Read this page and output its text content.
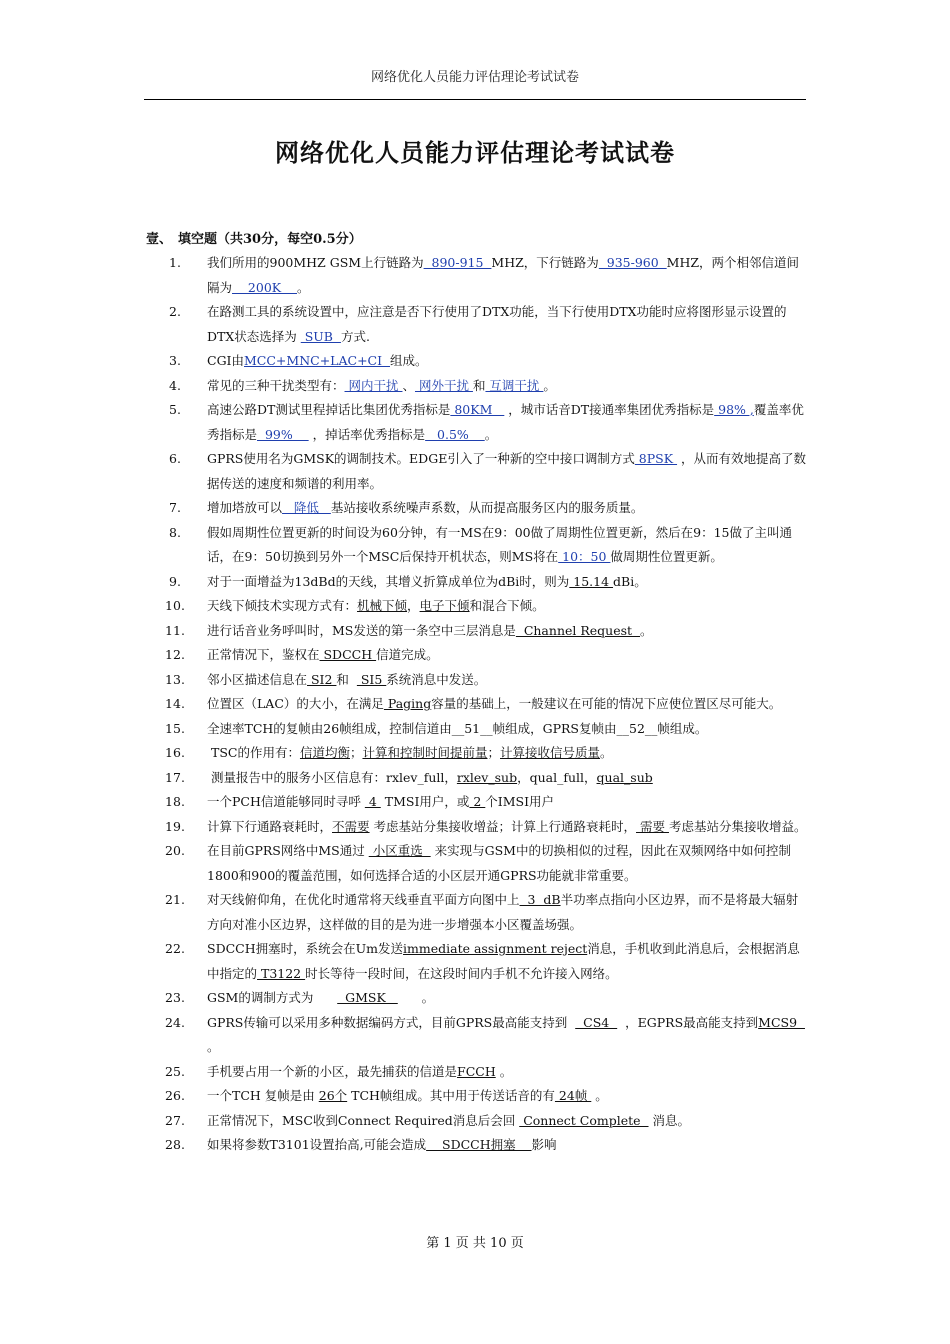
网络优化人员能力评估理论考试试卷
网络优化人员能力评估理论考试试卷
壹、 填空题（共30分，每空0.5分）
1.	我们所用的900MHZ GSM上行链路为  890-915  MHZ，下行链路为  935-960  MHZ，两个相邻信道间隔为    200K    。
2.	在路测工具的系统设置中，应注意是否下行使用了DTX功能，当下行使用DTX功能时应将图形显示设置的DTX状态选择为  SUB  方式.
3.	CGI由MCC+MNC+LAC+CI  组成。
4.	常见的三种干扰类型有： 网内干扰 、 网外干扰 和 互调干扰 。
5.	高速公路DT测试里程掉话比集团优秀指标是 80KM    ，城市话音DT接通率集团优秀指标是 98% ,覆盖率优秀指标是  99%     ，掉话率优秀指标是   0.5%    。
6.	GPRS使用名为GMSK的调制技术。EDGE引入了一种新的空中接口调制方式 8PSK  ，从而有效地提高了数据传送的速度和频谱的利用率。
7.	增加塔放可以   降低   基站接收系统噪声系数，从而提高服务区内的服务质量。
8.	假如周期性位置更新的时间设为60分钟，有一MS在9：00做了周期性位置更新，然后在9：15做了主叫通话，在9：50切换到另外一个MSC后保持开机状态，则MS将在 10：50 做周期性位置更新。
9.	对于一面增益为13dBd的天线，其增义折算成单位为dBi时，则为 15.14 dBi。
10.	天线下倾技术实现方式有：机械下倾，电子下倾和混合下倾。
11.	进行话音业务呼叫时，MS发送的第一条空中三层消息是  Channel Request  。
12.	正常情况下，鉴权在 SDCCH 信道完成。
13.	邻小区描述信息在 SI2 和   SI5 系统消息中发送。
14.	位置区（LAC）的大小，在满足 Paging容量的基础上，一般建议在可能的情况下应使位置区尽可能大。
15.	全速率TCH的复帧由26帧组成，控制信道由__51__帧组成，GPRS复帧由__52__帧组成。
16.	TSC的作用有：信道均衡；计算和控制时间提前量；计算接收信号质量。
17.	测量报告中的服务小区信息有：rxlev_full，rxlev_sub，qual_full，qual_sub
18.	一个PCH信道能够同时寻呼  4  TMSI用户，或 2 个IMSI用户
19.	计算下行通路衰耗时，不需要 考虑基站分集接收增益；计算上行通路衰耗时， 需要 考虑基站分集接收增益。
20.	在目前GPRS网络中MS通过  小区重选   来实现与GSM中的切换相似的过程，因此在双频网络中如何控制1800和900的覆盖范围，如何选择合适的小区层开通GPRS功能就非常重要。
21.	对天线俯仰角，在优化时通常将天线垂直平面方向图中上  3  dB半功率点指向小区边界，而不是将最大辐射方向对准小区边界，这样做的目的是为进一步增强本小区覆盖场强。
22.	SDCCH拥塞时，系统会在Um发送immediate assignment reject消息，手机收到此消息后，会根据消息中指定的 T3122 时长等待一段时间，在这段时间内手机不允许接入网络。
23.	GSM的调制方式为        GMSK         。
24.	GPRS传输可以采用多种数据编码方式，目前GPRS最高能支持到    CS4    ，EGPRS最高能支持到MCS9    。
25.	手机要占用一个新的小区，最先捕获的信道是FCCH 。
26.	一个TCH 复帧是由 26个 TCH帧组成。其中用于传送话音的有 24帧  。
27.	正常情况下，MSC收到Connect Required消息后会回  Connect Complete   消息。
28.	如果将参数T3101设置抬高,可能会造成    SDCCH拥塞    影响
第 1 页 共 10 页
